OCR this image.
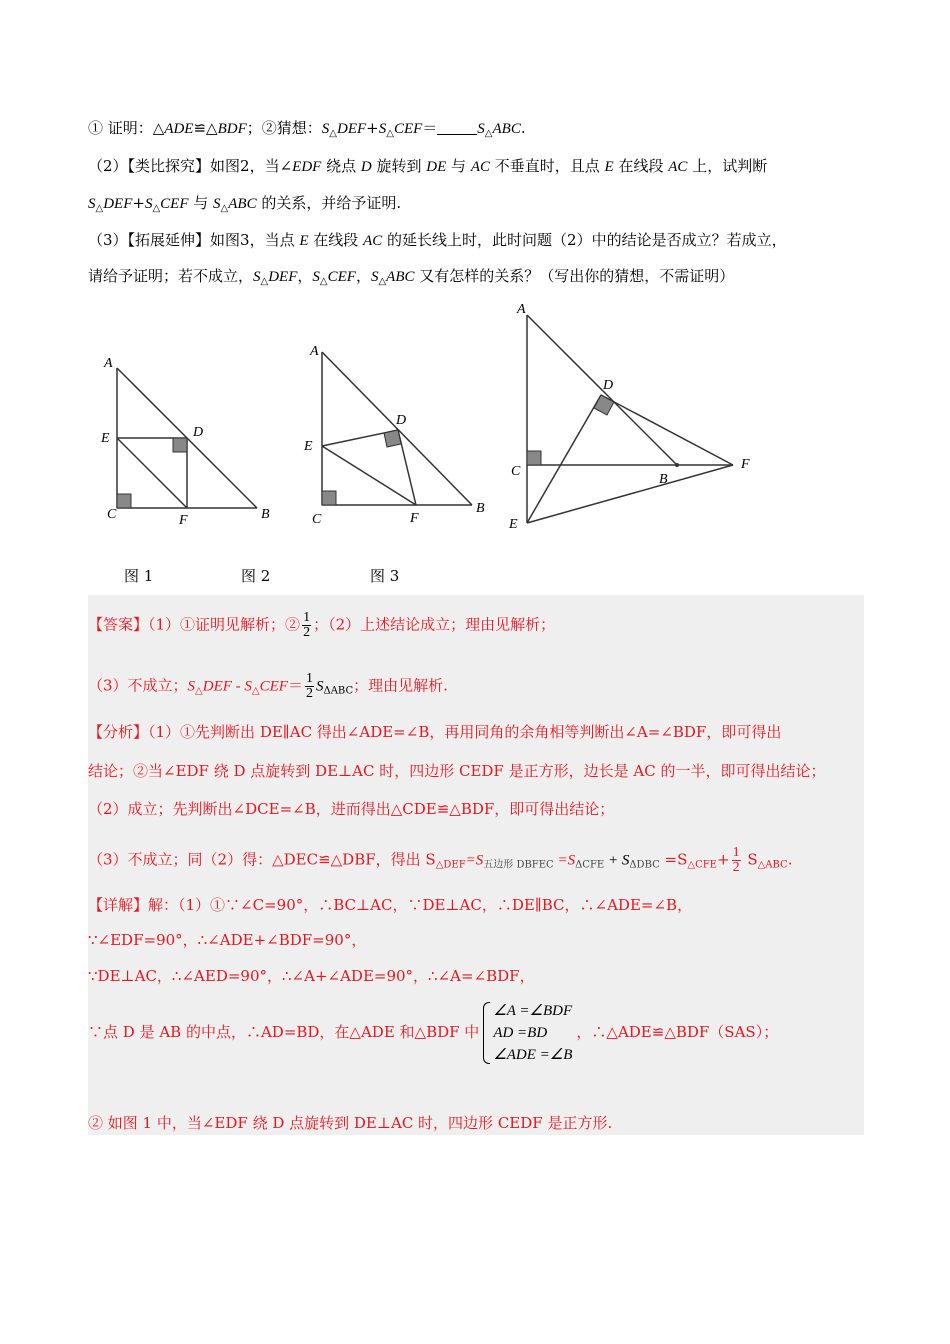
① 证明：△ADE≌△BDF；②猜想：$S_\triangle DEF+S_\triangle CEF=$	$S_\triangle ABC$.
（2）【类比探究】如图2，当∠EDF 绕点 D 旋转到 DE 与 AC 不垂直时，且点 E 在线段 AC 上，试判断
$S_\triangle DEF+S_\triangle CEF$ 与 $S_\triangle ABC$ 的关系，并给予证明.
（3）【拓展延伸】如图3，当点 E 在线段 AC 的延长线上时，此时问题（2）中的结论是否成立？若成立，
请给予证明；若不成立，$S_\triangle DEF$，$S_\triangle CEF$，$S_\triangle ABC$ 又有怎样的关系？（写出你的猜想，不需证明）
A
E	D
C	F	B
A
D
E
C	F
B
A
D
C
B
F
E
图 1	图 2	图 3
【答案】（1）①证明见解析；② $\frac{1}{2}$ ；（2）上述结论成立；理由见解析；
（3）不成立；$S_\triangle DEF - S_\triangle CEF= \frac{1}{2} S_{\Delta ABC}$；理由见解析.
【分析】（1）①先判断出 DE∥AC 得出∠ADE=∠B，再用同角的余角相等判断出∠A=∠BDF，即可得出
结论；②当∠EDF 绕 D 点旋转到 DE⊥AC 时，四边形 CEDF 是正方形，边长是 AC 的一半，即可得出结论；
（2）成立；先判断出∠DCE=∠B，进而得出△CDE≌△BDF，即可得出结论；
（3）不成立；同（2）得：△DEC≌△DBF，得出 $S_{\triangle DEF}=S_{五边形 DBFEC} =S_{\Delta CFE} + S_{\Delta DBC} =S_{\triangle CFE}+ \frac{1}{2} S_{\triangle ABC}$.
【详解】解：（1）①∵∠C=90°，∴BC⊥AC，∵DE⊥AC，∴DE∥BC，∴∠ADE=∠B，
∵∠EDF=90°，∴∠ADE+∠BDF=90°，
∵DE⊥AC，∴∠AED=90°，∴∠A+∠ADE=90°，∴∠A=∠BDF，
∵点 D 是 AB 的中点，∴AD=BD，在△ADE 和△BDF 中
∠A =∠BDF
AD =BD
∠ADE =∠B
，∴△ADE≌△BDF（SAS）；
② 如图 1 中，当∠EDF 绕 D 点旋转到 DE⊥AC 时，四边形 CEDF 是正方形.
